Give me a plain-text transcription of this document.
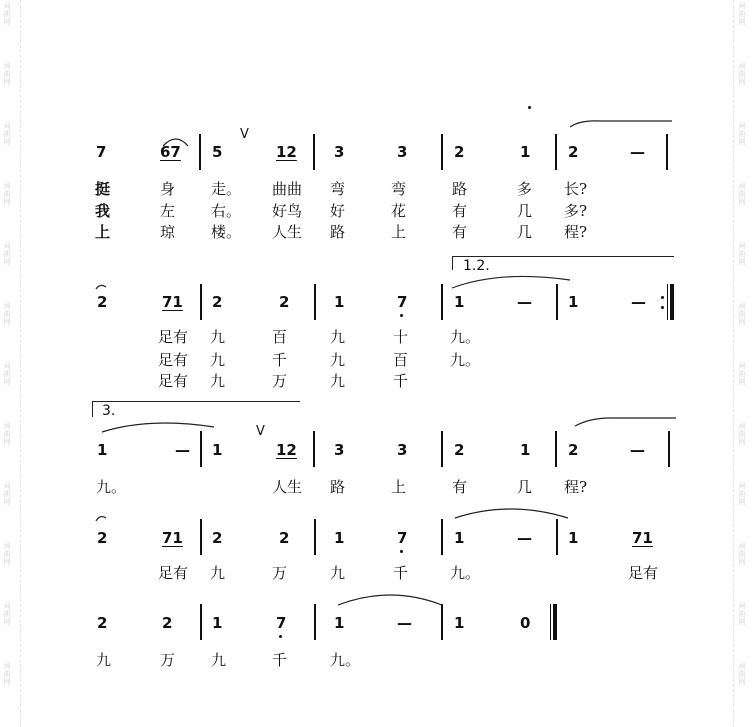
词曲网
词曲网
词曲网
词曲网
词曲网
词曲网
词曲网
词曲网
词曲网
词曲网
词曲网
词曲网
词曲网
词曲网
词曲网
词曲网
词曲网
词曲网
词曲网
词曲网
词曲网
词曲网
词曲网
词曲网
V
7	67 5	12 3	3	2	1	2	—
挺	身 走。 曲曲 弯	弯	路	多 长?
我	左 右。 好鸟 好	花	有	几 多?
上	琼 楼。 人生 路	上	有	几 程?
1.2.
2	71 2	2	1	7	1	— 1	—
足有 九	百	九	十	九。
足有 九	千	九	百	九。
足有 九	万	九	千
3.
V
1	— 1	12 3	3	2	1	2	—
九。	人生 路	上	有	几 程?
2	71 2	2	1	7	1	— 1	71
足有 九	万	九	千	九。	足有
2	2	1	7	1	—	1	0
九	万 九	千	九。
